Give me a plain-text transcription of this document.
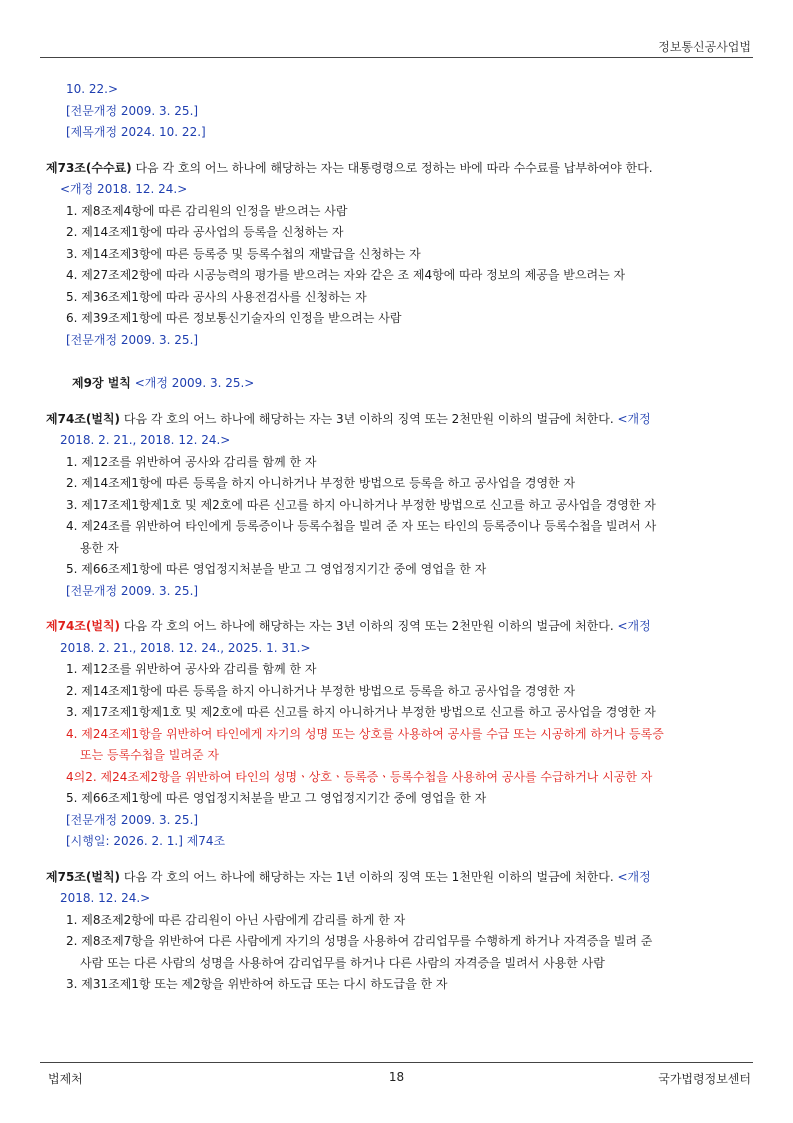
정보통신공사업법
10. 22.>
[전문개정 2009. 3. 25.]
[제목개정 2024. 10. 22.]
제73조(수수료) 다음 각 호의 어느 하나에 해당하는 자는 대통령령으로 정하는 바에 따라 수수료를 납부하여야 한다.
<개정 2018. 12. 24.>
1. 제8조제4항에 따른 감리원의 인정을 받으려는 사람
2. 제14조제1항에 따라 공사업의 등록을 신청하는 자
3. 제14조제3항에 따른 등록증 및 등록수첩의 재발급을 신청하는 자
4. 제27조제2항에 따라 시공능력의 평가를 받으려는 자와 같은 조 제4항에 따라 정보의 제공을 받으려는 자
5. 제36조제1항에 따라 공사의 사용전검사를 신청하는 자
6. 제39조제1항에 따른 정보통신기술자의 인정을 받으려는 사람
[전문개정 2009. 3. 25.]
제9장 벌칙 <개정 2009. 3. 25.>
제74조(벌칙) 다음 각 호의 어느 하나에 해당하는 자는 3년 이하의 징역 또는 2천만원 이하의 벌금에 처한다. <개정
2018. 2. 21., 2018. 12. 24.>
1. 제12조를 위반하여 공사와 감리를 함께 한 자
2. 제14조제1항에 따른 등록을 하지 아니하거나 부정한 방법으로 등록을 하고 공사업을 경영한 자
3. 제17조제1항제1호 및 제2호에 따른 신고를 하지 아니하거나 부정한 방법으로 신고를 하고 공사업을 경영한 자
4. 제24조를 위반하여 타인에게 등록증이나 등록수첩을 빌려 준 자 또는 타인의 등록증이나 등록수첩을 빌려서 사
용한 자
5. 제66조제1항에 따른 영업정지처분을 받고 그 영업정지기간 중에 영업을 한 자
[전문개정 2009. 3. 25.]
제74조(벌칙) 다음 각 호의 어느 하나에 해당하는 자는 3년 이하의 징역 또는 2천만원 이하의 벌금에 처한다. <개정
2018. 2. 21., 2018. 12. 24., 2025. 1. 31.>
1. 제12조를 위반하여 공사와 감리를 함께 한 자
2. 제14조제1항에 따른 등록을 하지 아니하거나 부정한 방법으로 등록을 하고 공사업을 경영한 자
3. 제17조제1항제1호 및 제2호에 따른 신고를 하지 아니하거나 부정한 방법으로 신고를 하고 공사업을 경영한 자
4. 제24조제1항을 위반하여 타인에게 자기의 성명 또는 상호를 사용하여 공사를 수급 또는 시공하게 하거나 등록증
또는 등록수첩을 빌려준 자
4의2. 제24조제2항을 위반하여 타인의 성명ㆍ상호ㆍ등록증ㆍ등록수첩을 사용하여 공사를 수급하거나 시공한 자
5. 제66조제1항에 따른 영업정지처분을 받고 그 영업정지기간 중에 영업을 한 자
[전문개정 2009. 3. 25.]
[시행일: 2026. 2. 1.] 제74조
제75조(벌칙) 다음 각 호의 어느 하나에 해당하는 자는 1년 이하의 징역 또는 1천만원 이하의 벌금에 처한다. <개정
2018. 12. 24.>
1. 제8조제2항에 따른 감리원이 아닌 사람에게 감리를 하게 한 자
2. 제8조제7항을 위반하여 다른 사람에게 자기의 성명을 사용하여 감리업무를 수행하게 하거나 자격증을 빌려 준
사람 또는 다른 사람의 성명을 사용하여 감리업무를 하거나 다른 사람의 자격증을 빌려서 사용한 사람
3. 제31조제1항 또는 제2항을 위반하여 하도급 또는 다시 하도급을 한 자
법제처	18	국가법령정보센터
